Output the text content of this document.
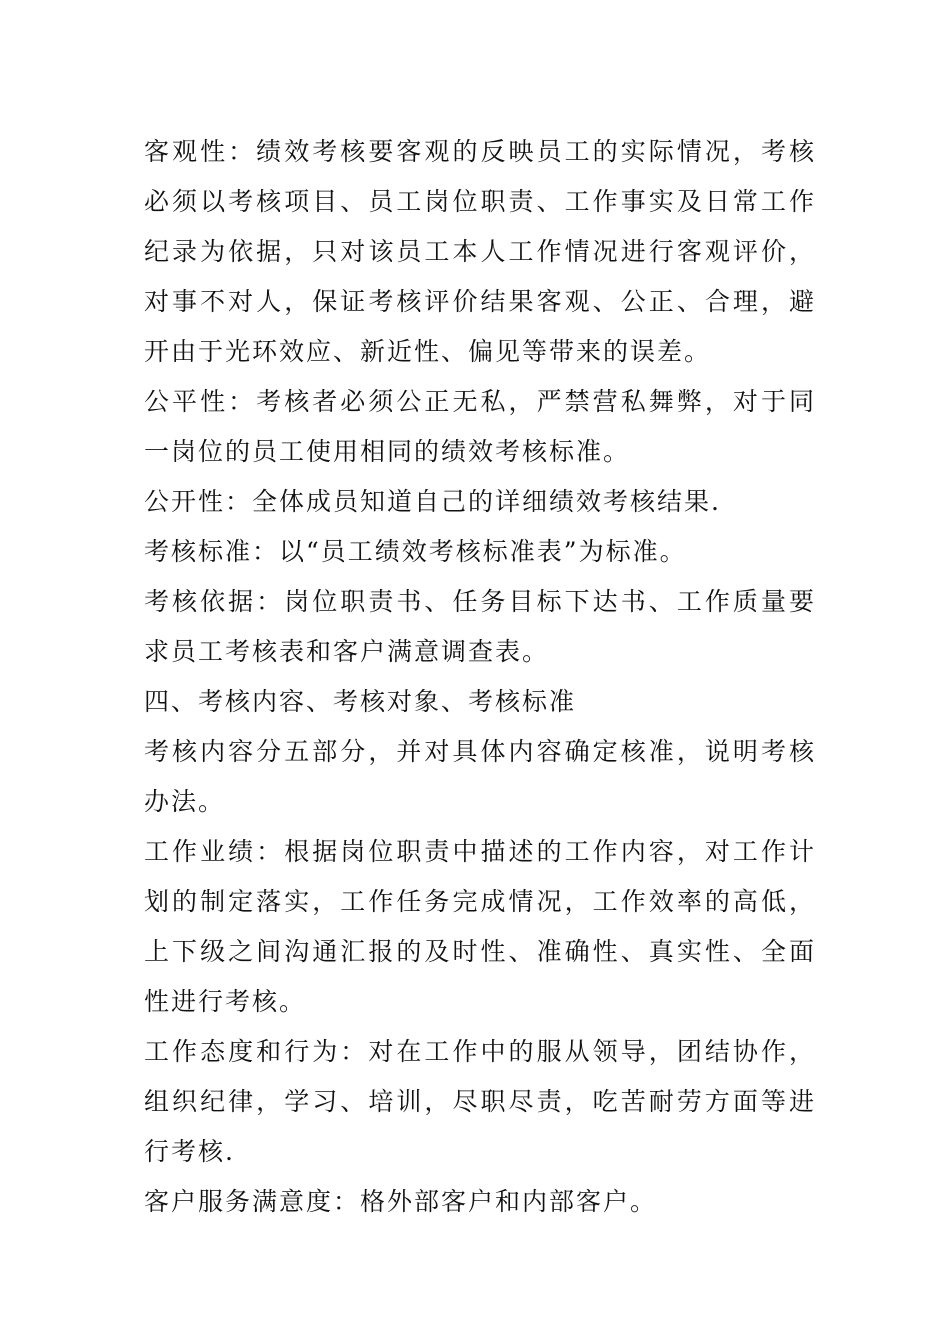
客观性：绩效考核要客观的反映员工的实际情况，考核必须以考核项目、员工岗位职责、工作事实及日常工作纪录为依据，只对该员工本人工作情况进行客观评价，对事不对人，保证考核评价结果客观、公正、合理，避开由于光环效应、新近性、偏见等带来的误差。

公平性：考核者必须公正无私，严禁营私舞弊，对于同一岗位的员工使用相同的绩效考核标准。

公开性：全体成员知道自己的详细绩效考核结果.

考核标准：以“员工绩效考核标准表”为标准。

考核依据：岗位职责书、任务目标下达书、工作质量要求员工考核表和客户满意调查表。

四、考核内容、考核对象、考核标准

考核内容分五部分，并对具体内容确定核准，说明考核办法。

工作业绩：根据岗位职责中描述的工作内容，对工作计划的制定落实，工作任务完成情况，工作效率的高低，上下级之间沟通汇报的及时性、准确性、真实性、全面性进行考核。

工作态度和行为：对在工作中的服从领导，团结协作，组织纪律，学习、培训，尽职尽责，吃苦耐劳方面等进行考核.

客户服务满意度：格外部客户和内部客户。
